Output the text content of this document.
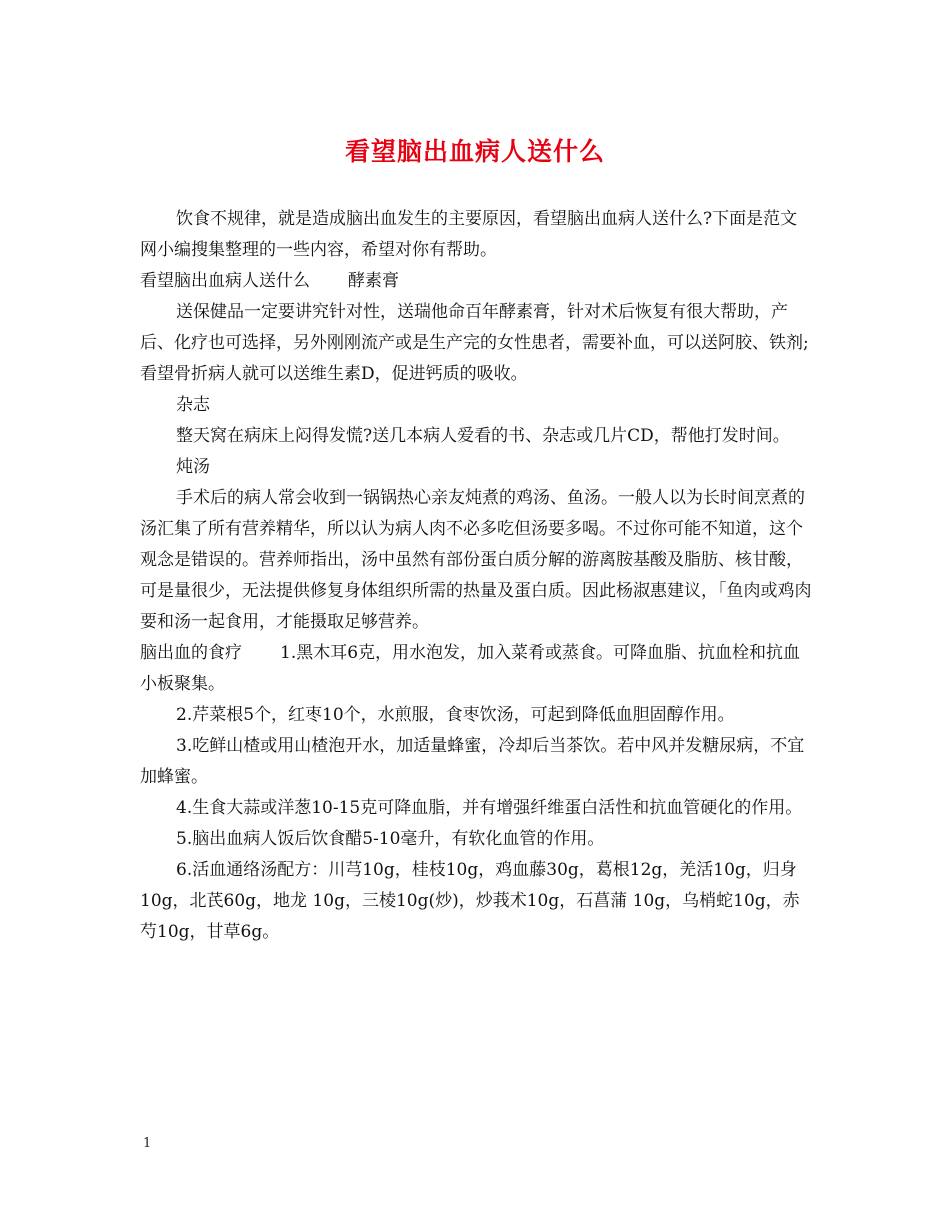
看望脑出血病人送什么

饮食不规律，就是造成脑出血发生的主要原因，看望脑出血病人送什么?下面是范文网小编搜集整理的一些内容，希望对你有帮助。

看望脑出血病人送什么 酵素膏

送保健品一定要讲究针对性，送瑞他命百年酵素膏，针对术后恢复有很大帮助，产后、化疗也可选择，另外刚刚流产或是生产完的女性患者，需要补血，可以送阿胶、铁剂;看望骨折病人就可以送维生素D，促进钙质的吸收。

杂志

整天窝在病床上闷得发慌?送几本病人爱看的书、杂志或几片CD，帮他打发时间。

炖汤

手术后的病人常会收到一锅锅热心亲友炖煮的鸡汤、鱼汤。一般人以为长时间烹煮的汤汇集了所有营养精华，所以认为病人肉不必多吃但汤要多喝。不过你可能不知道，这个观念是错误的。营养师指出，汤中虽然有部份蛋白质分解的游离胺基酸及脂肪、核甘酸，可是量很少，无法提供修复身体组织所需的热量及蛋白质。因此杨淑惠建议，「鱼肉或鸡肉要和汤一起食用，才能摄取足够营养。

脑出血的食疗 1.黑木耳6克，用水泡发，加入菜肴或蒸食。可降血脂、抗血栓和抗血小板聚集。

2.芹菜根5个，红枣10个，水煎服，食枣饮汤，可起到降低血胆固醇作用。

3.吃鲜山楂或用山楂泡开水，加适量蜂蜜，冷却后当茶饮。若中风并发糖尿病，不宜加蜂蜜。

4.生食大蒜或洋葱10-15克可降血脂，并有增强纤维蛋白活性和抗血管硬化的作用。

5.脑出血病人饭后饮食醋5-10毫升，有软化血管的作用。

6.活血通络汤配方：川芎10g，桂枝10g，鸡血藤30g，葛根12g，羌活10g，归身10g，北芪60g，地龙 10g，三棱10g(炒)，炒莪术10g，石菖蒲 10g，乌梢蛇10g，赤芍10g，甘草6g。

1
